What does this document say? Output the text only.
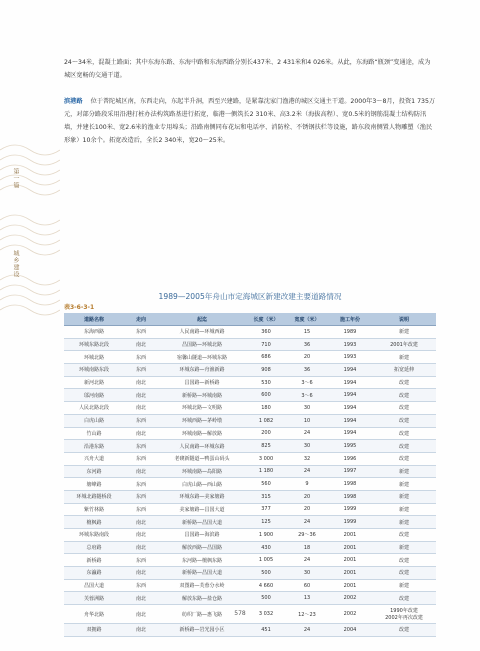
第一篇
城乡建设
24～34米，混凝土路面；其中东海东路、东海中路和东海西路分别长437米、2 431米和4 026米。从此，东海路“瓶颈”变通途，成为城区宽畅的交通干道。
滨港路 位于普陀城区南，东西走向，东起半升洞，西至兴建路，是紧靠沈家门渔港的城区交通主干道。2000年3～8月，投资1 735万元，对部分路段采用沿港打桩办法构筑路基进行拓宽，临港一侧筑长2 310米、高3.2米（海拔高程）、宽0.5米的钢筋混凝土结构防汛墙，并建长100米、宽2.6米的渔业专用埠头；沿路南侧同布花坛和电话亭、消防栓、不锈钢扶栏等设施，路东段南侧置人物雕塑（渔民形象）10余个。拓宽改造后，全长2 340米，宽20～25米。
1989—2005年舟山市定海城区新建改建主要道路情况
表3-6-3-1
道路名称	走向	起迄	长度（米）	宽度（米）	施工年份	说明
东海西路	东西	人民南路—环城西路	360	15	1989	新建
环城东路北段	南北	昌国路—环城北路	710	36	1993	2001年改建
环城北路	东西	宿馨山隧道—环城东路	686	20	1993	新建
环城南路东段	东西	环城东路—舟渔新路	908	36	1994	拓宽延伸
新河北路	南北	昌国路—新桥路	530	3～6	1994	改建
邬河南路	南北	新桥路—环城南路	600	3～6	1994	改建
人民北路北段	南北	环城北路—文明路	180	30	1994	改建
白虎山路	东西	环城西路—茅岭墩	1 082	10	1994	改建
竹山路	南北	环城南路—解放路	200	24	1994	改建
沿港东路	东西	人民南路—环城东路	825	30	1995	改建
兴舟大道	东西	老碶新隧道—鸭蛋山码头	3 000	32	1996	改建
东河路	南北	环城南路—岛阳路	1 180	24	1997	新建
塘峰路	东西	白虎山路—西山路	560	9	1998	新建
环城北路隧桥段	东西	环城东路—美家塘路	315	20	1998	新建
紫竹林路	东西	美家塘路—昌国大道	377	20	1999	新建
檀枫路	南北	新桥路—昌国大道	125	24	1999	新建
环城东路南段	南北	昌国路—海滨路	1 900	29～36	2001	改建
总府路	南北	解放西路—昌国路	430	18	2001	新建
新桥路	东西	东河路—檀枫东路	1 005	24	2001	改建
东瀛路	南北	新桥路—昌国大道	500	30	2001	改建
昌国大道	东西	双图路—芙蓉分水岭	4 660	60	2001	新建
芙蓉洲路	南北	解放东路—盐仓路	500	13	2002	改建
舟华北路	南北	纺织厂路—惠飞路	3 032	12～23	2002	1990年改建
2002年再次改建
双拥路	南北	新桥路—岩光园小区	451	24	2004	改建
578
